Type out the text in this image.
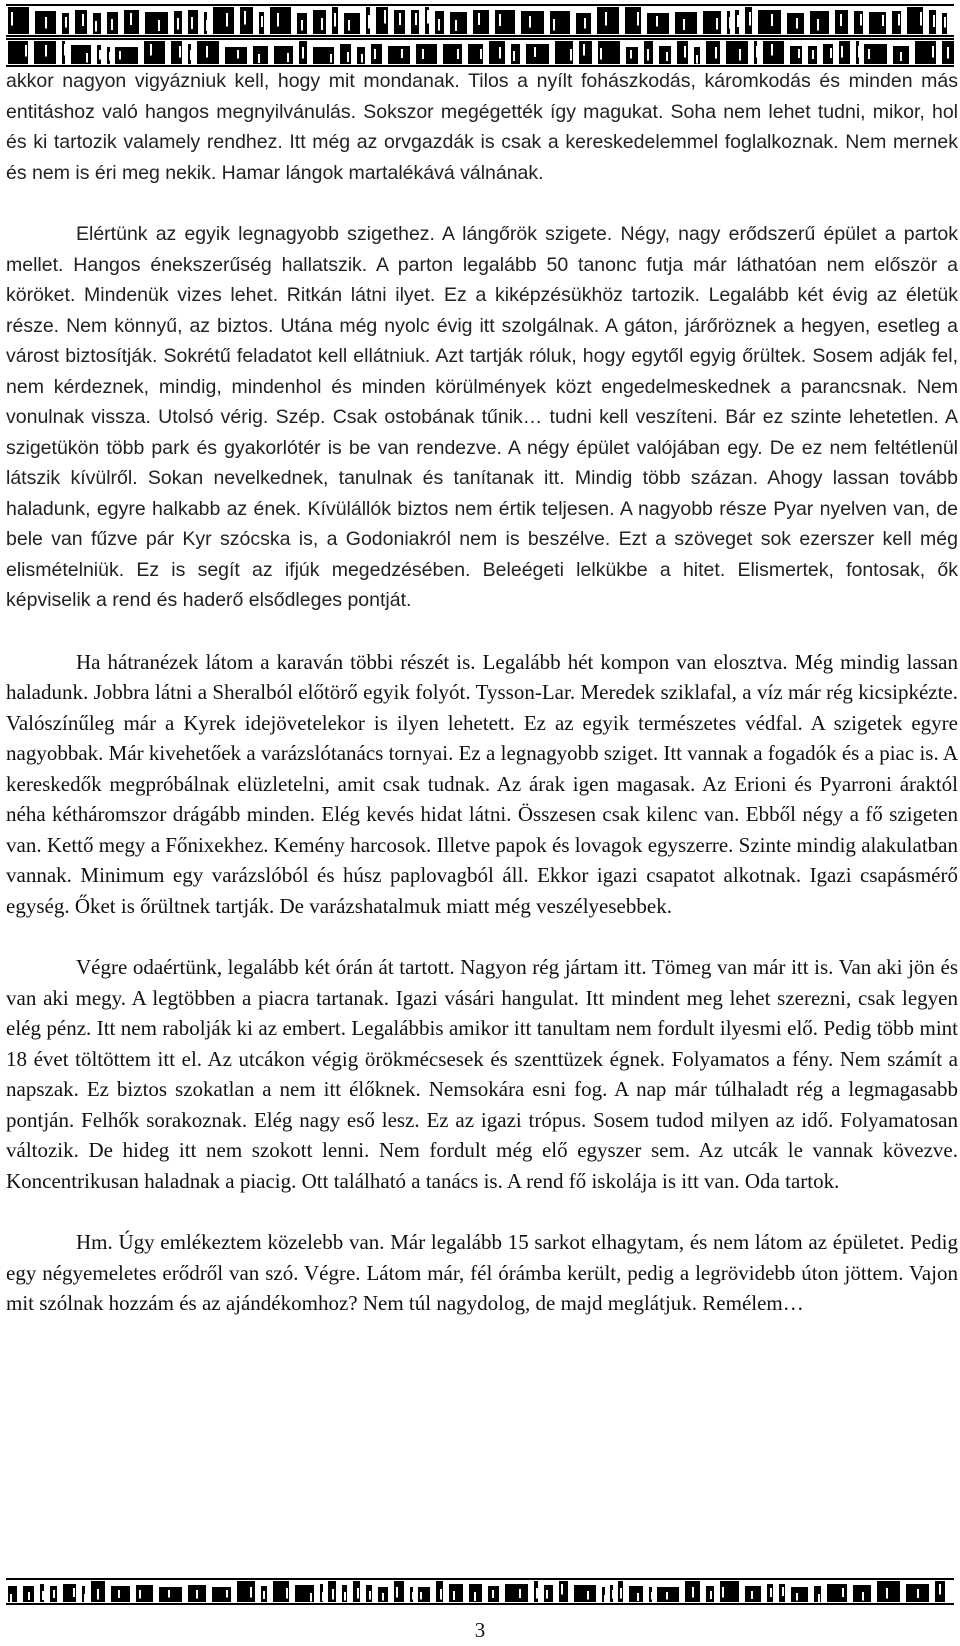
akkor nagyon vigyázniuk kell, hogy mit mondanak. Tilos a nyílt fohászkodás, káromkodás és minden más entitáshoz való hangos megnyilvánulás. Sokszor megégették így magukat. Soha nem lehet tudni, mikor, hol és ki tartozik valamely rendhez. Itt még az orvgazdák is csak a kereskedelemmel foglalkoznak. Nem mernek és nem is éri meg nekik. Hamar lángok martalékává válnának.

Elértünk az egyik legnagyobb szigethez. A lángőrök szigete. Négy, nagy erődszerű épület a partok mellet. Hangos énekszerűség hallatszik. A parton legalább 50 tanonc futja már láthatóan nem először a köröket. Mindenük vizes lehet. Ritkán látni ilyet. Ez a kiképzésükhöz tartozik. Legalább két évig az életük része. Nem könnyű, az biztos. Utána még nyolc évig itt szolgálnak. A gáton, járőröznek a hegyen, esetleg a várost biztosítják. Sokrétű feladatot kell ellátniuk. Azt tartják róluk, hogy egytől egyig őrültek. Sosem adják fel, nem kérdeznek, mindig, mindenhol és minden körülmények közt engedelmeskednek a parancsnak. Nem vonulnak vissza. Utolsó vérig. Szép. Csak ostobának tűnik… tudni kell veszíteni. Bár ez szinte lehetetlen. A szigetükön több park és gyakorlótér is be van rendezve. A négy épület valójában egy. De ez nem feltétlenül látszik kívülről. Sokan nevelkednek, tanulnak és tanítanak itt. Mindig több százan. Ahogy lassan tovább haladunk, egyre halkabb az ének. Kívülállók biztos nem értik teljesen. A nagyobb része Pyar nyelven van, de bele van fűzve pár Kyr szócska is, a Godoniakról nem is beszélve. Ezt a szöveget sok ezerszer kell még elismételniük. Ez is segít az ifjúk megedzésében. Beleégeti lelkükbe a hitet. Elismertek, fontosak, ők képviselik a rend és haderő elsődleges pontját.

Ha hátranézek látom a karaván többi részét is. Legalább hét kompon van elosztva. Még mindig lassan haladunk. Jobbra látni a Sheralból előtörő egyik folyót. Tysson-Lar. Meredek sziklafal, a víz már rég kicsipkézte. Valószínűleg már a Kyrek idejövetelekor is ilyen lehetett. Ez az egyik természetes védfal. A szigetek egyre nagyobbak. Már kivehetőek a varázslótanács tornyai. Ez a legnagyobb sziget. Itt vannak a fogadók és a piac is. A kereskedők megpróbálnak elüzletelni, amit csak tudnak. Az árak igen magasak. Az Erioni és Pyarroni áraktól néha kétháromszor drágább minden. Elég kevés hidat látni. Összesen csak kilenc van. Ebből négy a fő szigeten van. Kettő megy a Főnixekhez. Kemény harcosok. Illetve papok és lovagok egyszerre. Szinte mindig alakulatban vannak. Minimum egy varázslóból és húsz paplovagból áll. Ekkor igazi csapatot alkotnak. Igazi csapásmérő egység. Őket is őrültnek tartják. De varázshatalmuk miatt még veszélyesebbek.

Végre odaértünk, legalább két órán át tartott. Nagyon rég jártam itt. Tömeg van már itt is. Van aki jön és van aki megy. A legtöbben a piacra tartanak. Igazi vásári hangulat. Itt mindent meg lehet szerezni, csak legyen elég pénz. Itt nem rabolják ki az embert. Legalábbis amikor itt tanultam nem fordult ilyesmi elő. Pedig több mint 18 évet töltöttem itt el. Az utcákon végig örökmécsesek és szenttüzek égnek. Folyamatos a fény. Nem számít a napszak. Ez biztos szokatlan a nem itt élőknek. Nemsokára esni fog. A nap már túlhaladt rég a legmagasabb pontján. Felhők sorakoznak. Elég nagy eső lesz. Ez az igazi trópus. Sosem tudod milyen az idő. Folyamatosan változik. De hideg itt nem szokott lenni. Nem fordult még elő egyszer sem. Az utcák le vannak kövezve. Koncentrikusan haladnak a piacig. Ott található a tanács is. A rend fő iskolája is itt van. Oda tartok.

Hm. Úgy emlékeztem közelebb van. Már legalább 15 sarkot elhagytam, és nem látom az épületet. Pedig egy négyemeletes erődről van szó. Végre. Látom már, fél órámba került, pedig a legrövidebb úton jöttem. Vajon mit szólnak hozzám és az ajándékomhoz? Nem túl nagydolog, de majd meglátjuk. Remélem…

3
